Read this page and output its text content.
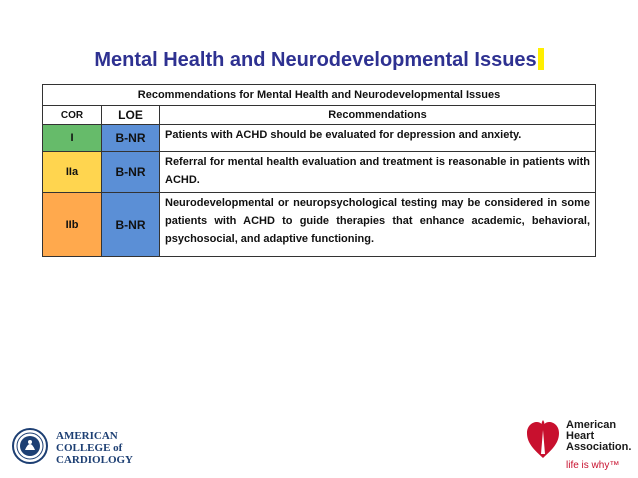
Mental Health and Neurodevelopmental Issues
Recommendations for Mental Health and Neurodevelopmental Issues		
COR	LOE	Recommendations
I	B-NR	Patients with ACHD should be evaluated for depression and anxiety.
IIa	B-NR	Referral for mental health evaluation and treatment is reasonable in patients with ACHD.
IIb	B-NR	Neurodevelopmental or neuropsychological testing may be considered in some patients with ACHD to guide therapies that enhance academic, behavioral, psychosocial, and adaptive functioning.
AMERICAN
COLLEGE of
CARDIOLOGY
American
Heart
Association.
life is why™
